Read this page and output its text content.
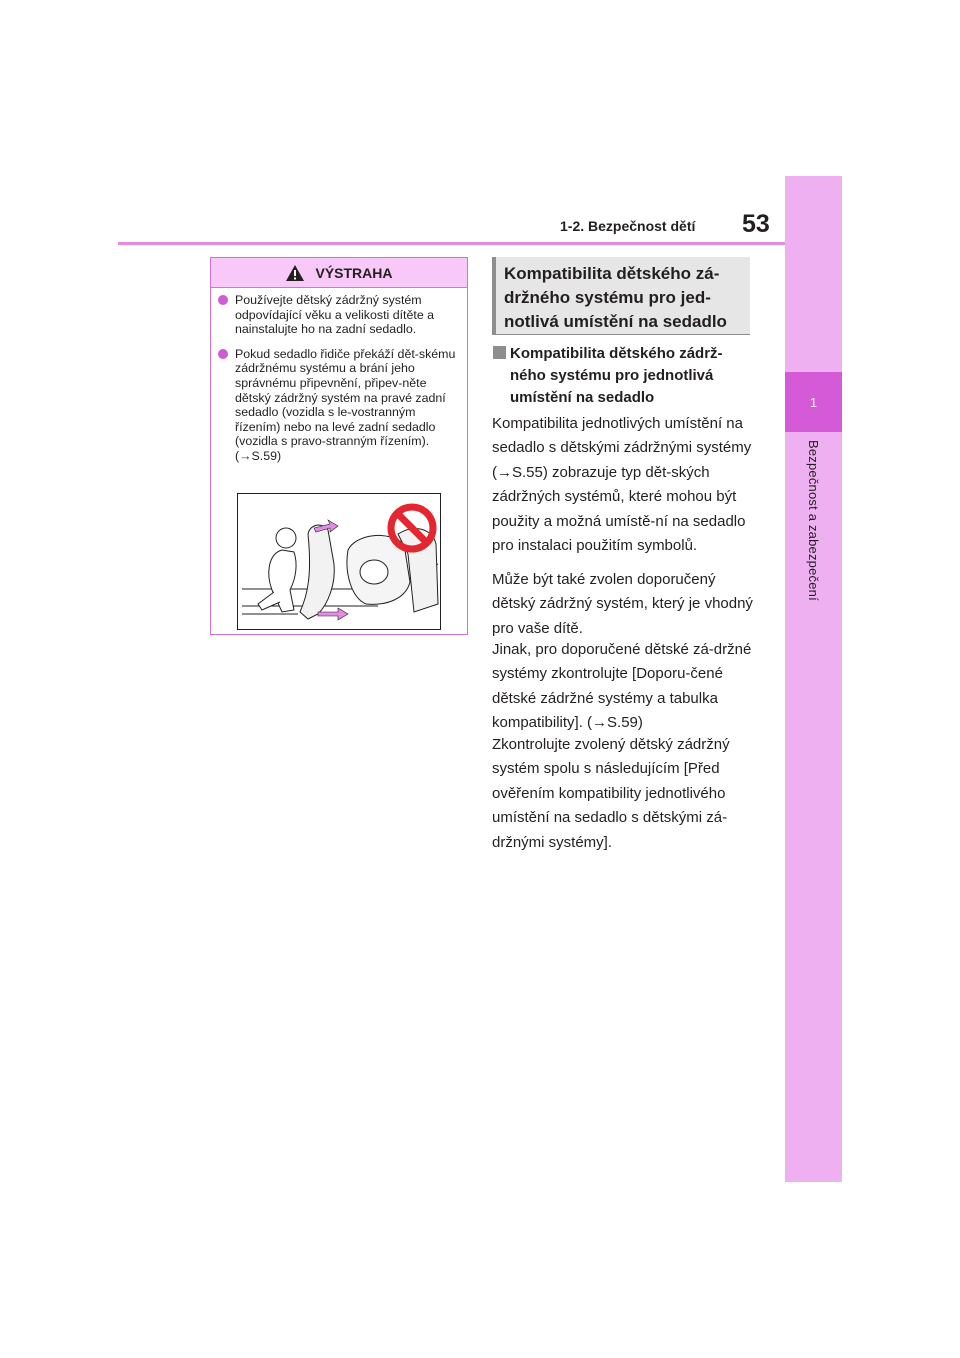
1
Bezpečnost a zabezpečení
1-2. Bezpečnost dětí 53
VÝSTRAHA
Používejte dětský zádržný systém odpovídající věku a velikosti dítěte a nainstalujte ho na zadní sedadlo.
Pokud sedadlo řidiče překáží dět-skému zádržnému systému a brání jeho správnému připevnění, připev-něte dětský zádržný systém na pravé zadní sedadlo (vozidla s le-vostranným řízením) nebo na levé zadní sedadlo (vozidla s pravo-stranným řízením). (→S.59)
Kompatibilita dětského zá-držného systému pro jed-notlivá umístění na sedadlo
Kompatibilita dětského zádrž-ného systému pro jednotlivá umístění na sedadlo
Kompatibilita jednotlivých umístění na sedadlo s dětskými zádržnými systémy (→S.55) zobrazuje typ dět-ských zádržných systémů, které mohou být použity a možná umístě-ní na sedadlo pro instalaci použitím symbolů.
Může být také zvolen doporučený dětský zádržný systém, který je vhodný pro vaše dítě.
Jinak, pro doporučené dětské zá-držné systémy zkontrolujte [Doporu-čené dětské zádržné systémy a tabulka kompatibility]. (→S.59)
Zkontrolujte zvolený dětský zádržný systém spolu s následujícím [Před ověřením kompatibility jednotlivého umístění na sedadlo s dětskými zá-držnými systémy].
